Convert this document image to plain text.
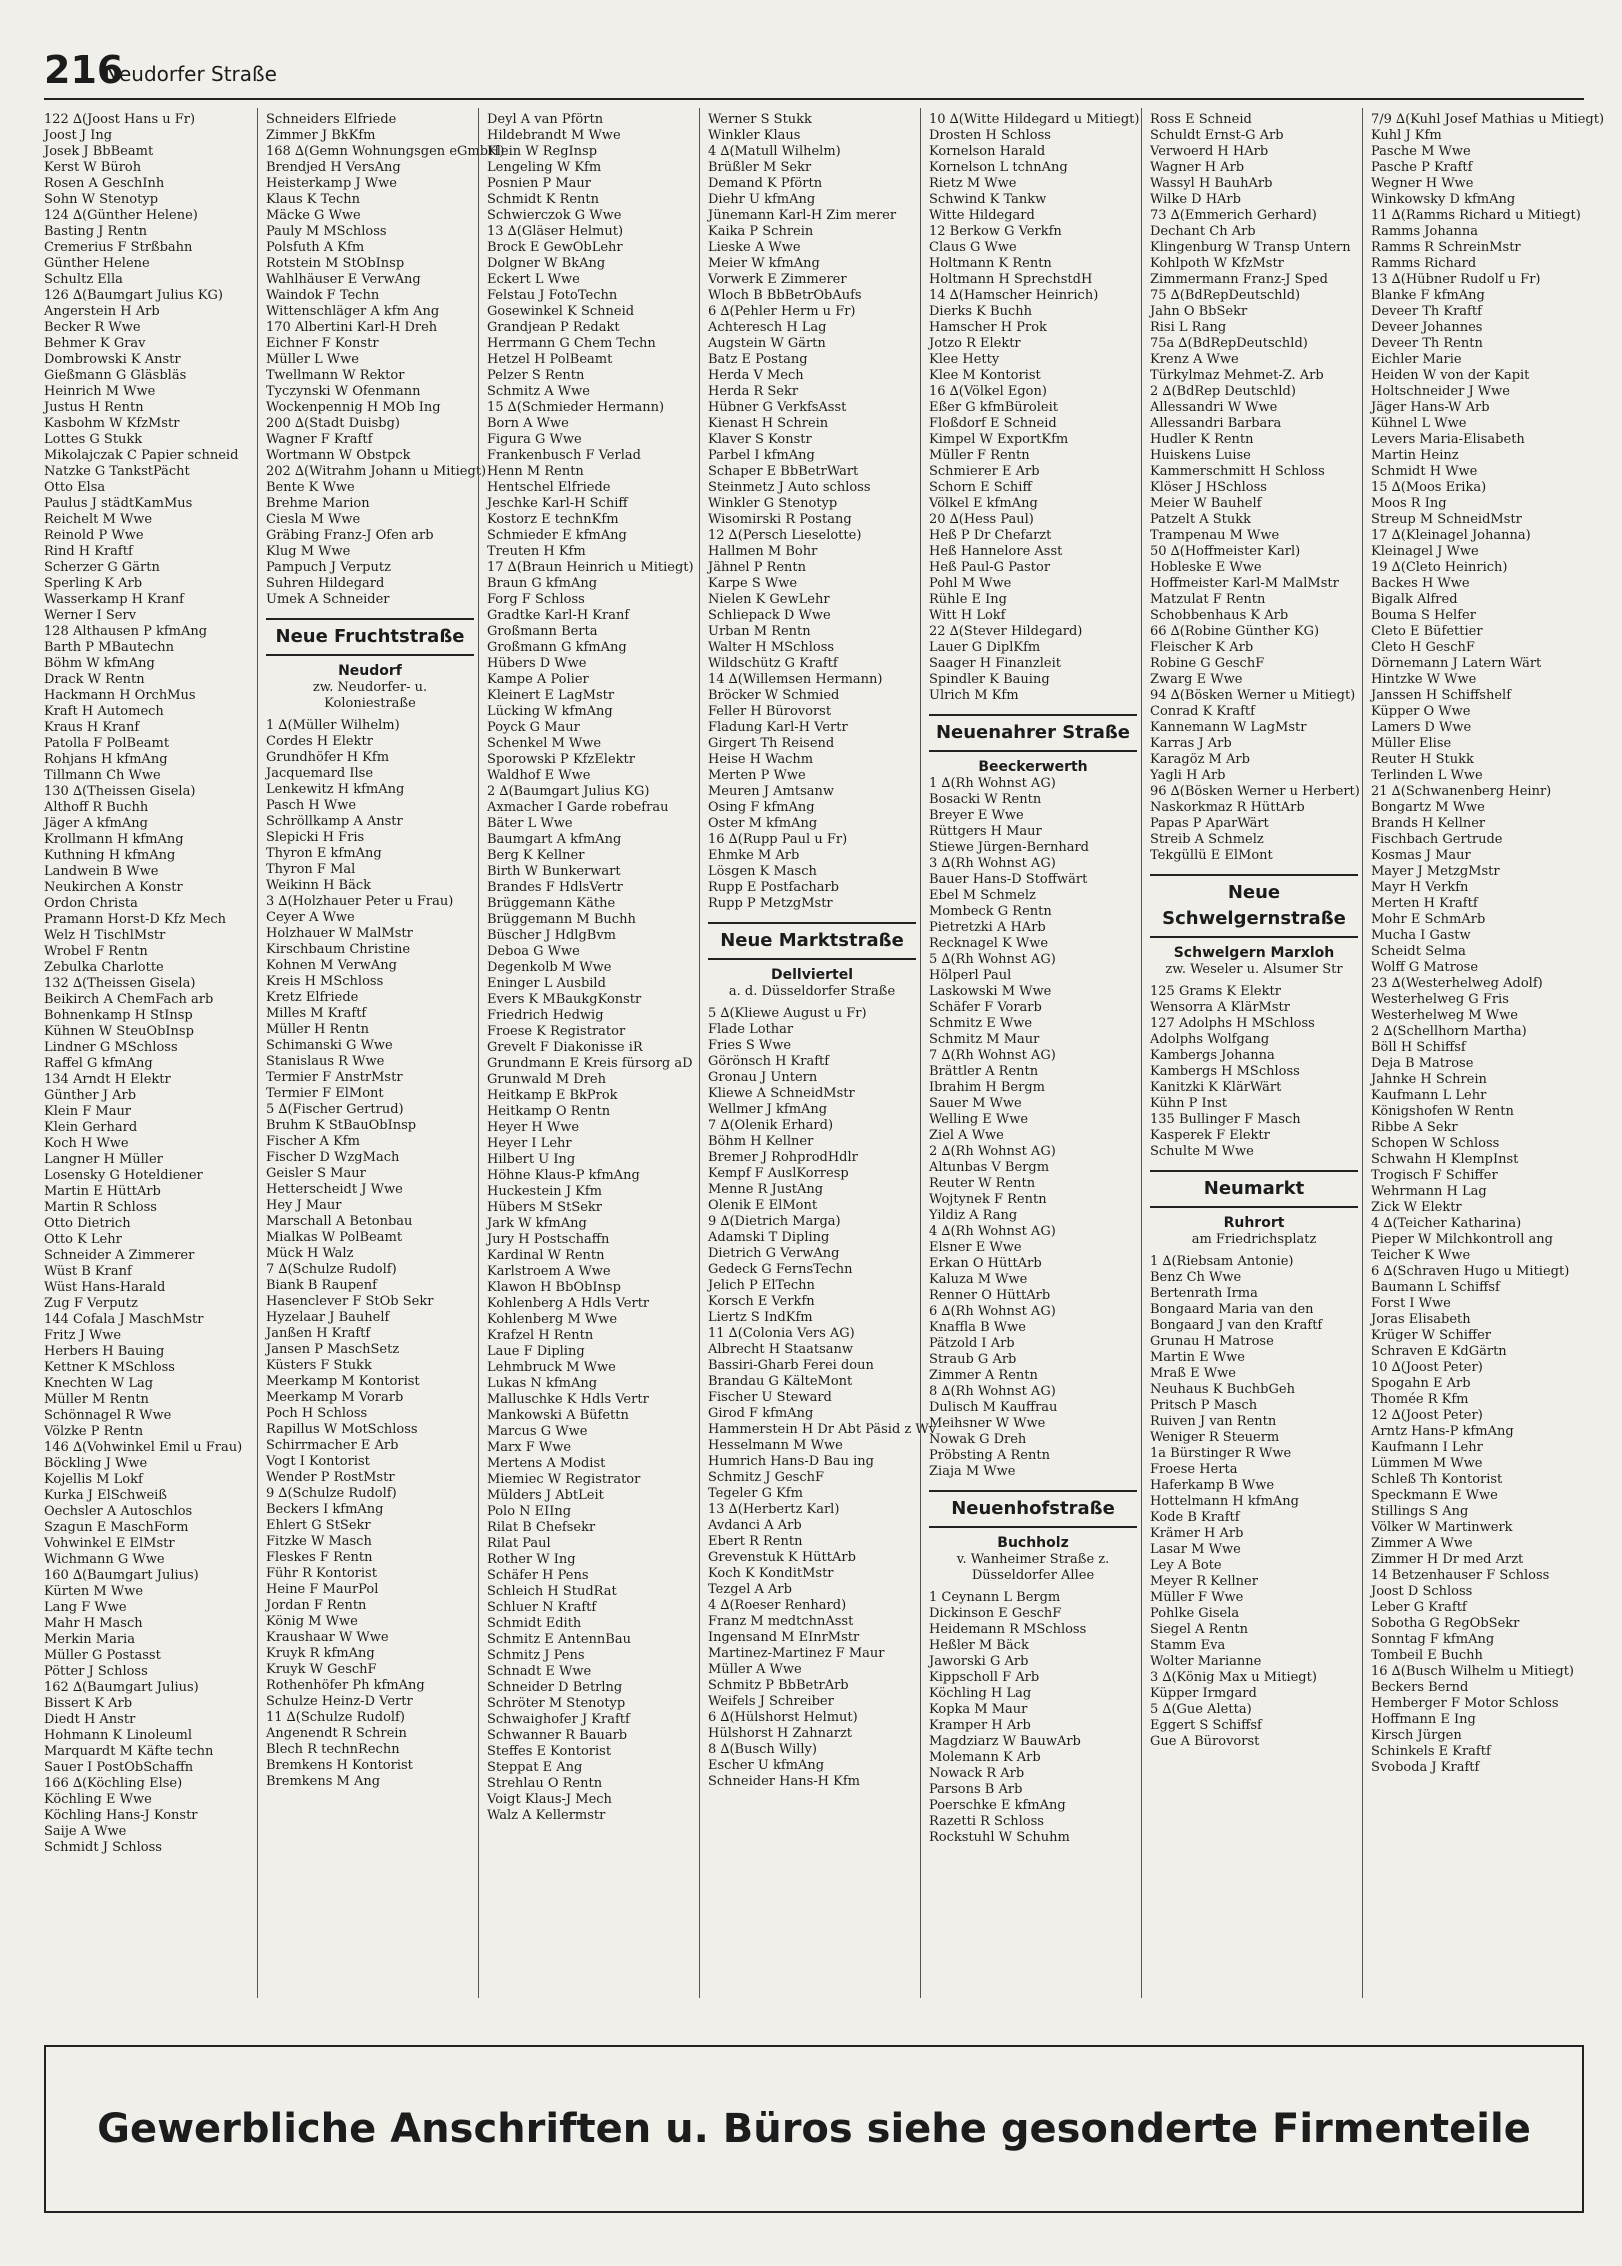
216
Neudorfer Straße
122 ∆(Joost Hans u Fr)
Joost J Ing
Josek J BbBeamt
Kerst W Büroh
Rosen A GeschInh
Sohn W Stenotyp
124 ∆(Günther Helene)
Basting J Rentn
Cremerius F Strßbahn
Günther Helene
Schultz Ella
126 ∆(Baumgart Julius KG)
Angerstein H Arb
Becker R Wwe
Behmer K Grav
Dombrowski K Anstr
Gießmann G Gläsbläs
Heinrich M Wwe
Justus H Rentn
Kasbohm W KfzMstr
Lottes G Stukk
Mikolajczak C Papier schneid
Natzke G TankstPächt
Otto Elsa
Paulus J städtKamMus
Reichelt M Wwe
Reinold P Wwe
Rind H Kraftf
Scherzer G Gärtn
Sperling K Arb
Wasserkamp H Kranf
Werner I Serv
128 Althausen P kfmAng
Barth P MBautechn
Böhm W kfmAng
Drack W Rentn
Hackmann H OrchMus
Kraft H Automech
Kraus H Kranf
Patolla F PolBeamt
Rohjans H kfmAng
Tillmann Ch Wwe
130 ∆(Theissen Gisela)
Althoff R Buchh
Jäger A kfmAng
Krollmann H kfmAng
Kuthning H kfmAng
Landwein B Wwe
Neukirchen A Konstr
Ordon Christa
Pramann Horst-D Kfz Mech
Welz H TischlMstr
Wrobel F Rentn
Zebulka Charlotte
132 ∆(Theissen Gisela)
Beikirch A ChemFach arb
Bohnenkamp H StInsp
Kühnen W SteuObInsp
Lindner G MSchloss
Raffel G kfmAng
134 Arndt H Elektr
Günther J Arb
Klein F Maur
Klein Gerhard
Koch H Wwe
Langner H Müller
Losenskу G Hoteldiener
Martin E HüttArb
Martin R Schloss
Otto Dietrich
Otto K Lehr
Schneider A Zimmerer
Wüst B Kranf
Wüst Hans-Harald
Zug F Verputz
144 Cofala J MaschMstr
Fritz J Wwe
Herbers H Bauing
Kettner K MSchloss
Knechten W Lag
Müller M Rentn
Schönnagel R Wwe
Völzke P Rentn
146 ∆(Vohwinkel Emil u Frau)
Böckling J Wwe
Kojellis M Lokf
Kurka J ElSchweiß
Oechsler A Autoschlos
Szagun E MaschForm
Vohwinkel E ElMstr
Wichmann G Wwe
160 ∆(Baumgart Julius)
Kürten M Wwe
Lang F Wwe
Mahr H Masch
Merkin Maria
Müller G Postasst
Pötter J Schloss
162 ∆(Baumgart Julius)
Bissert K Arb
Diedt H Anstr
Hohmann K Linoleuml
Marquardt M Käfte techn
Sauer I PostObSchaffn
166 ∆(Köchling Else)
Köchling E Wwe
Köchling Hans-J Konstr
Saije A Wwe
Schmidt J Schloss
Schneiders Elfriede
Zimmer J BkKfm
168 ∆(Gemn Wohnungsgen eGmbH)
Brendjed H VersAng
Heisterkamp J Wwe
Klaus K Techn
Mäcke G Wwe
Pauly M MSchloss
Polsfuth A Kfm
Rotstein M StObInsp
Wahlhäuser E VerwAng
Waindok F Techn
Wittenschläger A kfm Ang
170 Albertini Karl-H Dreh
Eichner F Konstr
Müller L Wwe
Twellmann W Rektor
Tyczynski W Ofenmann
Wockenpennig H MOb Ing
200 ∆(Stadt Duisbg)
Wagner F Kraftf
Wortmann W Obstpck
202 ∆(Witrahm Johann u Mitiegt)
Bente K Wwe
Brehme Marion
Ciesla M Wwe
Gräbing Franz-J Ofen arb
Klug M Wwe
Pampuch J Verputz
Suhren Hildegard
Umek A Schneider
Neue Fruchtstraße
Neudorf
zw. Neudorfer- u. Koloniestraße
1 ∆(Müller Wilhelm)
Cordes H Elektr
Grundhöfer H Kfm
Jacquemard Ilse
Lenkewitz H kfmAng
Pasch H Wwe
Schröllkamp A Anstr
Slepicki H Fris
Thyron E kfmAng
Thyron F Mal
Weikinn H Bäck
3 ∆(Holzhauer Peter u Frau)
Ceyer A Wwe
Holzhauer W MalMstr
Kirschbaum Christine
Kohnen M VerwAng
Kreis H MSchloss
Kretz Elfriede
Milles M Kraftf
Müller H Rentn
Schimanski G Wwe
Stanislaus R Wwe
Termier F AnstrMstr
Termier F ElMont
5 ∆(Fischer Gertrud)
Bruhm K StBauObInsp
Fischer A Kfm
Fischer D WzgMach
Geisler S Maur
Hetterscheidt J Wwe
Hey J Maur
Marschall A Betonbau
Mialkas W PolBeamt
Mück H Walz
7 ∆(Schulze Rudolf)
Biank B Raupenf
Hasenclever F StOb Sekr
Hyzelaar J Bauhelf
Janßen H Kraftf
Jansen P MaschSetz
Küsters F Stukk
Meerkamp M Kontorist
Meerkamp M Vorarb
Poch H Schloss
Rapillus W MotSchloss
Schirrmacher E Arb
Vogt I Kontorist
Wender P RostMstr
9 ∆(Schulze Rudolf)
Beckers I kfmAng
Ehlert G StSekr
Fitzke W Masch
Fleskes F Rentn
Führ R Kontorist
Heine F MaurPol
Jordan F Rentn
König M Wwe
Kraushaar W Wwe
Kruyk R kfmAng
Kruyk W GeschF
Rothenhöfer Ph kfmAng
Schulze Heinz-D Vertr
11 ∆(Schulze Rudolf)
Angenendt R Schrein
Blech R technRechn
Bremkens H Kontorist
Bremkens M Ang
Deyl A van Pförtn
Hildebrandt M Wwe
Klein W RegInsp
Lengeling W Kfm
Posnien P Maur
Schmidt K Rentn
Schwierczok G Wwe
13 ∆(Gläser Helmut)
Brock E GewObLehr
Dolgner W BkAng
Eckert L Wwe
Felstau J FotoTechn
Gosewinkel K Schneid
Grandjean P Redakt
Herrmann G Chem Techn
Hetzel H PolBeamt
Pelzer S Rentn
Schmitz A Wwe
15 ∆(Schmieder Hermann)
Born A Wwe
Figura G Wwe
Frankenbusch F Verlad
Henn M Rentn
Hentschel Elfriede
Jeschke Karl-H Schiff
Kostorz E technKfm
Schmieder E kfmAng
Treuten H Kfm
17 ∆(Braun Heinrich u Mitiegt)
Braun G kfmAng
Forg F Schloss
Gradtke Karl-H Kranf
Großmann Berta
Großmann G kfmAng
Hübers D Wwe
Kampe A Polier
Kleinert E LagMstr
Lücking W kfmAng
Poyck G Maur
Schenkel M Wwe
Sporowski P KfzElektr
Waldhof E Wwe
2 ∆(Baumgart Julius KG)
Axmacher I Garde robefrau
Bäter L Wwe
Baumgart A kfmAng
Berg K Kellner
Birth W Bunkerwart
Brandes F HdlsVertr
Brüggemann Käthe
Brüggemann M Buchh
Büscher J HdlgBvm
Deboa G Wwe
Degenkolb M Wwe
Eninger L Ausbild
Evers K MBaukgKonstr
Friedrich Hedwig
Froese K Registrator
Grevelt F Diakonisse iR
Grundmann E Kreis fürsorg aD
Grunwald M Dreh
Heitkamp E BkProk
Heitkamp O Rentn
Heyer H Wwe
Heyer I Lehr
Hilbert U Ing
Höhne Klaus-P kfmAng
Huckestein J Kfm
Hübers M StSekr
Jark W kfmAng
Jury H Postschaffn
Kardinal W Rentn
Karlstroem A Wwe
Klawon H BbObInsp
Kohlenberg A Hdls Vertr
Kohlenberg M Wwe
Krafzel H Rentn
Laue F Dipling
Lehmbruck M Wwe
Lukas N kfmAng
Malluschke K Hdls Vertr
Mankowski A Büfettn
Marcus G Wwe
Marx F Wwe
Mertens A Modist
Miemiec W Registrator
Mülders J AbtLeit
Polo N EIIng
Rilat B Chefsekr
Rilat Paul
Rother W Ing
Schäfer H Pens
Schleich H StudRat
Schluer N Kraftf
Schmidt Edith
Schmitz E AntennBau
Schmitz J Pens
Schnadt E Wwe
Schneider D Betrlng
Schröter M Stenotyp
Schwaighofer J Kraftf
Schwanner R Bauarb
Steffes E Kontorist
Steppat E Ang
Strehlau O Rentn
Voigt Klaus-J Mech
Walz A Kellermstr
Werner S Stukk
Winkler Klaus
4 ∆(Matull Wilhelm)
Brüßler M Sekr
Demand K Pförtn
Diehr U kfmAng
Jünemann Karl-H Zim merer
Kaika P Schrein
Lieske A Wwe
Meier W kfmAng
Vorwerk E Zimmerer
Wloch B BbBetrObAufs
6 ∆(Pehler Herm u Fr)
Achteresch H Lag
Augstein W Gärtn
Batz E Postang
Herda V Mech
Herda R Sekr
Hübner G VerkfsAsst
Kienast H Schrein
Klaver S Konstr
Parbel I kfmAng
Schaper E BbBetrWart
Steinmetz J Auto schloss
Winkler G Stenotyp
Wisomirski R Postang
12 ∆(Persch Lieselotte)
Hallmen M Bohr
Jähnel P Rentn
Karpe S Wwe
Nielen K GewLehr
Schliepack D Wwe
Urban M Rentn
Walter H MSchloss
Wildschütz G Kraftf
14 ∆(Willemsen Hermann)
Bröcker W Schmied
Feller H Bürovorst
Fladung Karl-H Vertr
Girgert Th Reisend
Heise H Wachm
Merten P Wwe
Meuren J Amtsanw
Osing F kfmAng
Oster M kfmAng
16 ∆(Rupp Paul u Fr)
Ehmke M Arb
Lösgen K Masch
Rupp E Postfacharb
Rupp P MetzgMstr
Neue Marktstraße
Dellviertel
a. d. Düsseldorfer Straße
5 ∆(Kliewe August u Fr)
Flade Lothar
Fries S Wwe
Görönsch H Kraftf
Gronau J Untern
Kliewe A SchneidMstr
Wellmer J kfmAng
7 ∆(Olenik Erhard)
Böhm H Kellner
Bremer J RohprodHdlr
Kempf F AuslKorresp
Menne R JustAng
Olenik E ElMont
9 ∆(Dietrich Marga)
Adamski T Dipling
Dietrich G VerwAng
Gedeck G FernsTechn
Jelich P ElTechn
Korsch E Verkfn
Liertz S IndKfm
11 ∆(Colonia Vers AG)
Albrecht H Staatsanw
Bassiri-Gharb Ferei doun
Brandau G KälteMont
Fischer U Steward
Girod F kfmAng
Hammerstein H Dr Abt Päsid z Wv
Hesselmann M Wwe
Humrich Hans-D Bau ing
Schmitz J GeschF
Tegeler G Kfm
13 ∆(Herbertz Karl)
Avdanci A Arb
Ebert R Rentn
Grevenstuk K HüttArb
Koch K KonditMstr
Tezgel A Arb
4 ∆(Roeser Renhard)
Franz M medtchnAsst
Ingensand M EInrMstr
Martinez-Martinez F Maur
Müller A Wwe
Schmitz P BbBetrArb
Weifels J Schreiber
6 ∆(Hülshorst Helmut)
Hülshorst H Zahnarzt
8 ∆(Busch Willy)
Escher U kfmAng
Schneider Hans-H Kfm
10 ∆(Witte Hildegard u Mitiegt)
Drosten H Schloss
Kornelson Harald
Kornelson L tchnAng
Rietz M Wwe
Schwind K Tankw
Witte Hildegard
12 Berkow G Verkfn
Claus G Wwe
Holtmann K Rentn
Holtmann H SprechstdH
14 ∆(Hamscher Heinrich)
Dierks K Buchh
Hamscher H Prok
Jotzo R Elektr
Klee Hetty
Klee M Kontorist
16 ∆(Völkel Egon)
Eßer G kfmBüroleit
Floßdorf E Schneid
Kimpel W ExportKfm
Müller F Rentn
Schmierer E Arb
Schorn E Schiff
Völkel E kfmAng
20 ∆(Hess Paul)
Heß P Dr Chefarzt
Heß Hannelore Asst
Heß Paul-G Pastor
Pohl M Wwe
Rühle E Ing
Witt H Lokf
22 ∆(Stever Hildegard)
Lauer G DiplKfm
Saager H Finanzleit
Spindler K Bauing
Ulrich M Kfm
Neuenahrer Straße
Beeckerwerth
1 ∆(Rh Wohnst AG)
Bosacki W Rentn
Breyer E Wwe
Rüttgers H Maur
Stiewe Jürgen-Bernhard
3 ∆(Rh Wohnst AG)
Bauer Hans-D Stoffwärt
Ebel M Schmelz
Mombeck G Rentn
Pietretzki A HArb
Recknagel K Wwe
5 ∆(Rh Wohnst AG)
Hölperl Paul
Laskowski M Wwe
Schäfer F Vorarb
Schmitz E Wwe
Schmitz M Maur
7 ∆(Rh Wohnst AG)
Brättler A Rentn
Ibrahim H Bergm
Sauer M Wwe
Welling E Wwe
Ziel A Wwe
2 ∆(Rh Wohnst AG)
Altunbas V Bergm
Reuter W Rentn
Wojtynek F Rentn
Yildiz A Rang
4 ∆(Rh Wohnst AG)
Elsner E Wwe
Erkan O HüttArb
Kaluza M Wwe
Renner O HüttArb
6 ∆(Rh Wohnst AG)
Knaffla B Wwe
Pätzold I Arb
Straub G Arb
Zimmer A Rentn
8 ∆(Rh Wohnst AG)
Dulisch M Kauffrau
Meihsner W Wwe
Nowak G Dreh
Pröbsting A Rentn
Ziaja M Wwe
Neuenhofstraße
Buchholz
v. Wanheimer Straße z. Düsseldorfer Allee
1 Ceynann L Bergm
Dickinson E GeschF
Heidemann R MSchloss
Heßler M Bäck
Jaworski G Arb
Kippscholl F Arb
Köchling H Lag
Kopka M Maur
Kramper H Arb
Magdziarz W BauwArb
Molemann K Arb
Nowack R Arb
Parsons B Arb
Poerschke E kfmAng
Razetti R Schloss
Rockstuhl W Schuhm
Ross E Schneid
Schuldt Ernst-G Arb
Verwoerd H HArb
Wagner H Arb
Wassyl H BauhArb
Wilke D HArb
73 ∆(Emmerich Gerhard)
Dechant Ch Arb
Klingenburg W Transp Untern
Kohlpoth W KfzMstr
Zimmermann Franz-J Sped
75 ∆(BdRepDeutschld)
Jahn O BbSekr
Risi L Rang
75a ∆(BdRepDeutschld)
Krenz A Wwe
Türkylmaz Mehmet-Z. Arb
2 ∆(BdRep Deutschld)
Allessandri W Wwe
Allessandri Barbara
Hudler K Rentn
Huiskens Luise
Kammerschmitt H Schloss
Klöser J HSchloss
Meier W Bauhelf
Patzelt A Stukk
Trampenau M Wwe
50 ∆(Hoffmeister Karl)
Hobleske E Wwe
Hoffmeister Karl-M MalMstr
Matzulat F Rentn
Schobbenhaus K Arb
66 ∆(Robine Günther KG)
Fleischer K Arb
Robine G GeschF
Zwarg E Wwe
94 ∆(Bösken Werner u Mitiegt)
Conrad K Kraftf
Kannemann W LagMstr
Karras J Arb
Karagöz M Arb
Yagli H Arb
96 ∆(Bösken Werner u Herbert)
Naskorkmaz R HüttArb
Papas P AparWärt
Streib A Schmelz
Tekgüllü E ElMont
Neue Schwelgernstraße
Schwelgern Marxloh
zw. Weseler u. Alsumer Str
125 Grams K Elektr
Wensorra A KlärMstr
127 Adolphs H MSchloss
Adolphs Wolfgang
Kambergs Johanna
Kambergs H MSchloss
Kanitzki K KlärWärt
Kühn P Inst
135 Bullinger F Masch
Kasperek F Elektr
Schulte M Wwe
Neumarkt
Ruhrort
am Friedrichsplatz
1 ∆(Riebsam Antonie)
Benz Ch Wwe
Bertenrath Irma
Bongaard Maria van den
Bongaard J van den Kraftf
Grunau H Matrose
Martin E Wwe
Mraß E Wwe
Neuhaus K BuchbGeh
Pritsch P Masch
Ruiven J van Rentn
Weniger R Steuerm
1a Bürstinger R Wwe
Froese Herta
Haferkamp B Wwe
Hottelmann H kfmAng
Kode B Kraftf
Krämer H Arb
Lasar M Wwe
Ley A Bote
Meyer R Kellner
Müller F Wwe
Pohlke Gisela
Siegel A Rentn
Stamm Eva
Wolter Marianne
3 ∆(König Max u Mitiegt)
Küpper Irmgard
5 ∆(Gue Aletta)
Eggert S Schiffsf
Gue A Bürovorst
7/9 ∆(Kuhl Josef Mathias u Mitiegt)
Kuhl J Kfm
Pasche M Wwe
Pasche P Kraftf
Wegner H Wwe
Winkowsky D kfmAng
11 ∆(Ramms Richard u Mitiegt)
Ramms Johanna
Ramms R SchreinMstr
Ramms Richard
13 ∆(Hübner Rudolf u Fr)
Blanke F kfmAng
Deveer Th Kraftf
Deveer Johannes
Deveer Th Rentn
Eichler Marie
Heiden W von der Kapit
Holtschneider J Wwe
Jäger Hans-W Arb
Kühnel L Wwe
Levers Maria-Elisabeth
Martin Heinz
Schmidt H Wwe
15 ∆(Moos Erika)
Moos R Ing
Streup M SchneidMstr
17 ∆(Kleinagel Johanna)
Kleinagel J Wwe
19 ∆(Cleto Heinrich)
Backes H Wwe
Bigalk Alfred
Bouma S Helfer
Cleto E Büfettier
Cleto H GeschF
Dörnemann J Latern Wärt
Hintzke W Wwe
Janssen H Schiffshelf
Küpper O Wwe
Lamers D Wwe
Müller Elise
Reuter H Stukk
Terlinden L Wwe
21 ∆(Schwanenberg Heinr)
Bongartz M Wwe
Brands H Kellner
Fischbach Gertrude
Kosmas J Maur
Mayer J MetzgMstr
Mayr H Verkfn
Merten H Kraftf
Mohr E SchmArb
Mucha I Gastw
Scheidt Selma
Wolff G Matrose
23 ∆(Westerhelweg Adolf)
Westerhelweg G Fris
Westerhelweg M Wwe
2 ∆(Schellhorn Martha)
Böll H Schiffsf
Deja B Matrose
Jahnke H Schrein
Kaufmann L Lehr
Königshofen W Rentn
Ribbe A Sekr
Schopen W Schloss
Schwahn H KlempInst
Trogisch F Schiffer
Wehrmann H Lag
Zick W Elektr
4 ∆(Teicher Katharina)
Pieper W Milchkontroll ang
Teicher K Wwe
6 ∆(Schraven Hugo u Mitiegt)
Baumann L Schiffsf
Forst I Wwe
Joras Elisabeth
Krüger W Schiffer
Schraven E KdGärtn
10 ∆(Joost Peter)
Spogahn E Arb
Thomée R Kfm
12 ∆(Joost Peter)
Arntz Hans-P kfmAng
Kaufmann I Lehr
Lümmen M Wwe
Schleß Th Kontorist
Speckmann E Wwe
Stillings S Ang
Völker W Martinwerk
Zimmer A Wwe
Zimmer H Dr med Arzt
14 Betzenhauser F Schloss
Joost D Schloss
Leber G Kraftf
Sobotha G RegObSekr
Sonntag F kfmAng
Tombeil E Buchh
16 ∆(Busch Wilhelm u Mitiegt)
Beckers Bernd
Hemberger F Motor Schloss
Hoffmann E Ing
Kirsch Jürgen
Schinkels E Kraftf
Svoboda J Kraftf
Gewerbliche Anschriften u. Büros siehe gesonderte Firmenteile
